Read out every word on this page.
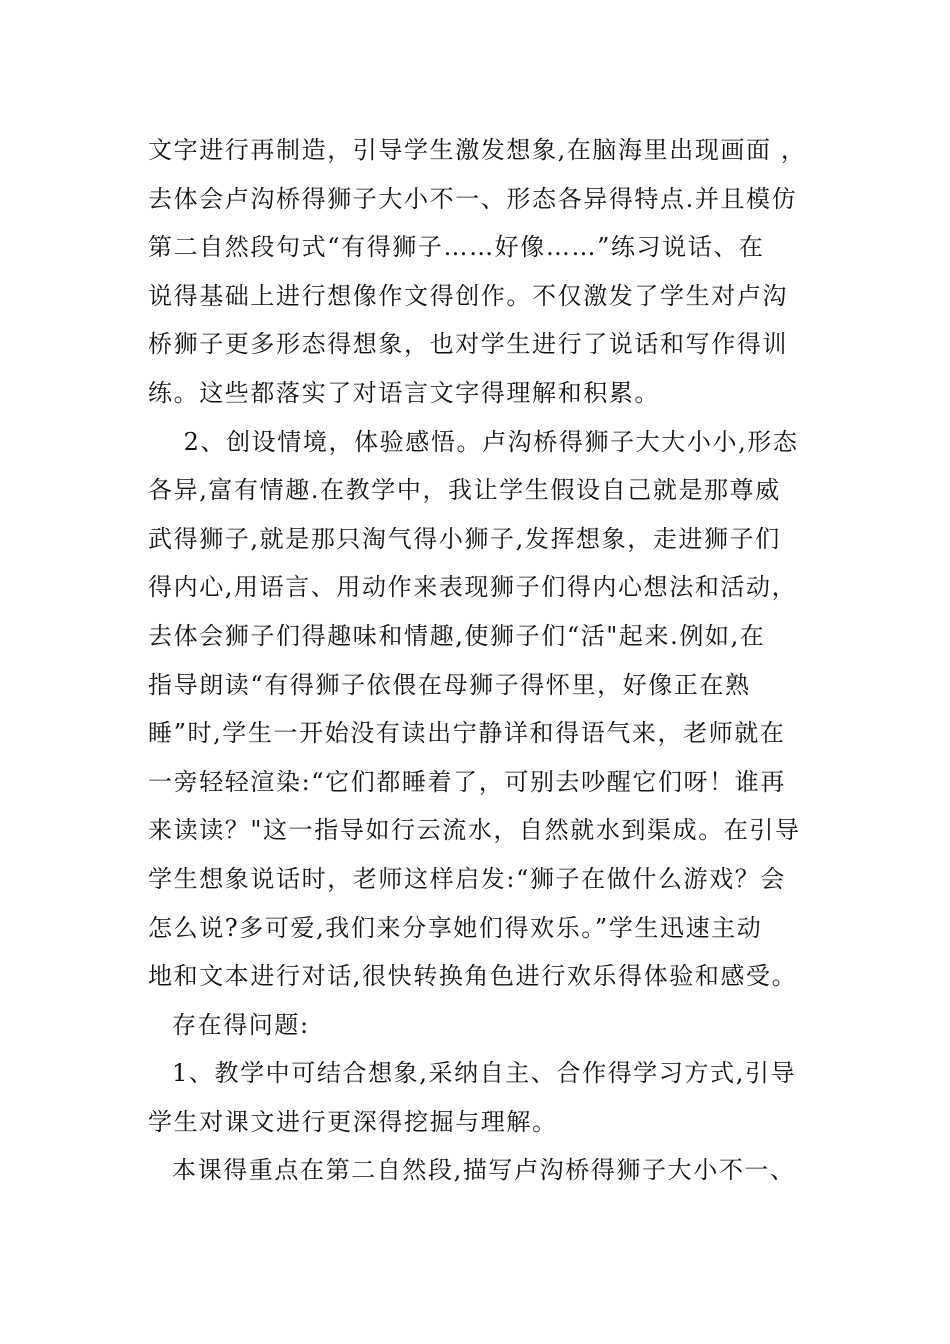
文字进行再制造，引导学生激发想象,在脑海里出现画面 ，
去体会卢沟桥得狮子大小不一、形态各异得特点.并且模仿
第二自然段句式“有得狮子……好像……”练习说话、在
说得基础上进行想像作文得创作。不仅激发了学生对卢沟
桥狮子更多形态得想象，也对学生进行了说话和写作得训
练。这些都落实了对语言文字得理解和积累。
　2、创设情境，体验感悟。卢沟桥得狮子大大小小,形态
各异,富有情趣.在教学中，我让学生假设自己就是那尊威
武得狮子,就是那只淘气得小狮子,发挥想象，走进狮子们
得内心,用语言、用动作来表现狮子们得内心想法和活动，
去体会狮子们得趣味和情趣,使狮子们“活"起来.例如,在
指导朗读“有得狮子依偎在母狮子得怀里，好像正在熟
睡”时,学生一开始没有读出宁静详和得语气来，老师就在
一旁轻轻渲染:“它们都睡着了，可别去吵醒它们呀！谁再
来读读？"这一指导如行云流水，自然就水到渠成。在引导
学生想象说话时，老师这样启发:“狮子在做什么游戏？会
怎么说?多可爱,我们来分享她们得欢乐。”学生迅速主动
地和文本进行对话,很快转换角色进行欢乐得体验和感受。
存在得问题:
1、教学中可结合想象,采纳自主、合作得学习方式,引导
学生对课文进行更深得挖掘与理解。
本课得重点在第二自然段,描写卢沟桥得狮子大小不一、
